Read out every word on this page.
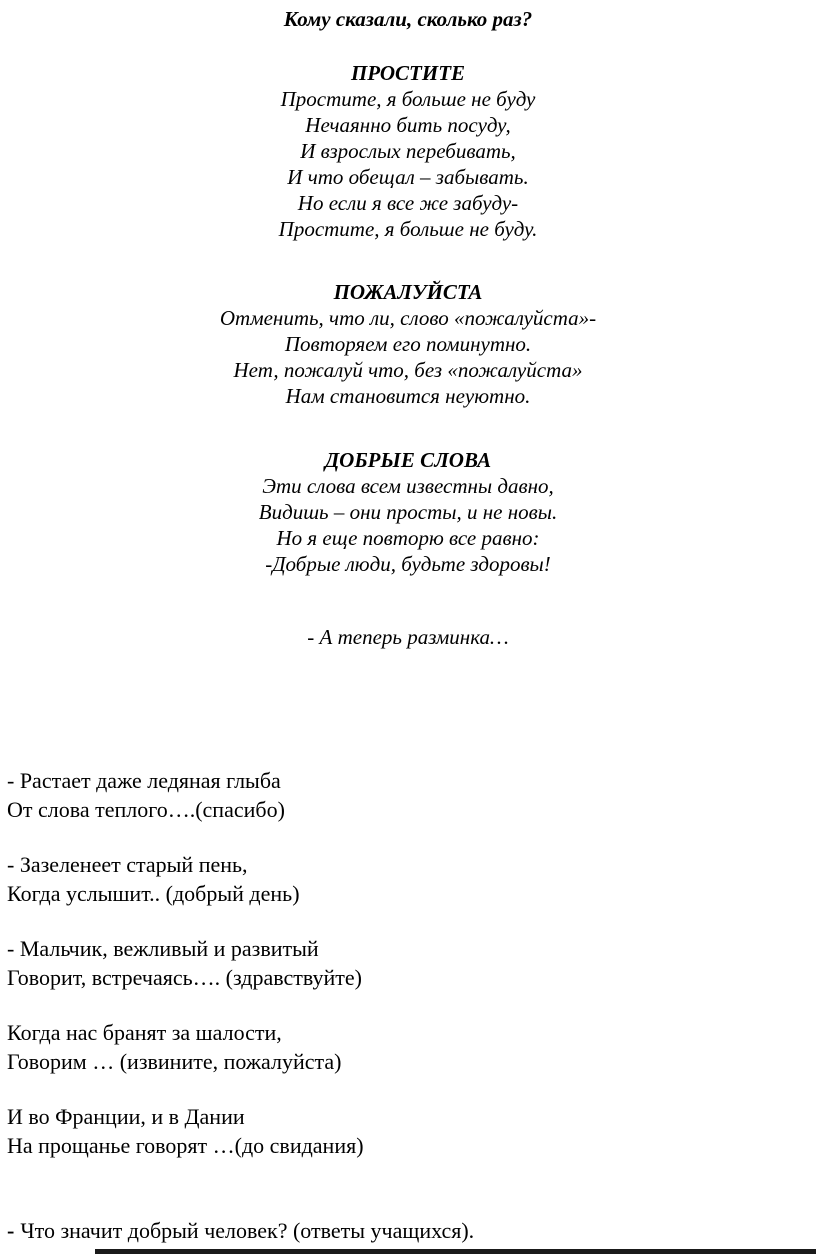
Кому сказали, сколько раз?
ПРОСТИТЕ
Простите, я больше не буду
Нечаянно бить посуду,
И взрослых перебивать,
И что обещал – забывать.
Но если я все же забуду-
Простите, я больше не буду.
ПОЖАЛУЙСТА
Отменить, что ли, слово «пожалуйста»-
Повторяем его поминутно.
Нет, пожалуй что, без «пожалуйста»
Нам становится неуютно.
ДОБРЫЕ СЛОВА
Эти слова всем известны давно,
Видишь – они просты, и не новы.
Но я еще повторю все равно:
-Добрые люди, будьте здоровы!
- А теперь разминка…
- Растает даже ледяная глыба
От слова теплого….(спасибо)
- Зазеленеет старый пень,
Когда услышит.. (добрый день)
- Мальчик, вежливый и развитый
Говорит, встречаясь…. (здравствуйте)
Когда нас бранят за шалости,
Говорим … (извините, пожалуйста)
И во Франции, и в Дании
На прощанье говорят …(до свидания)
- Что значит добрый человек? (ответы учащихся).
